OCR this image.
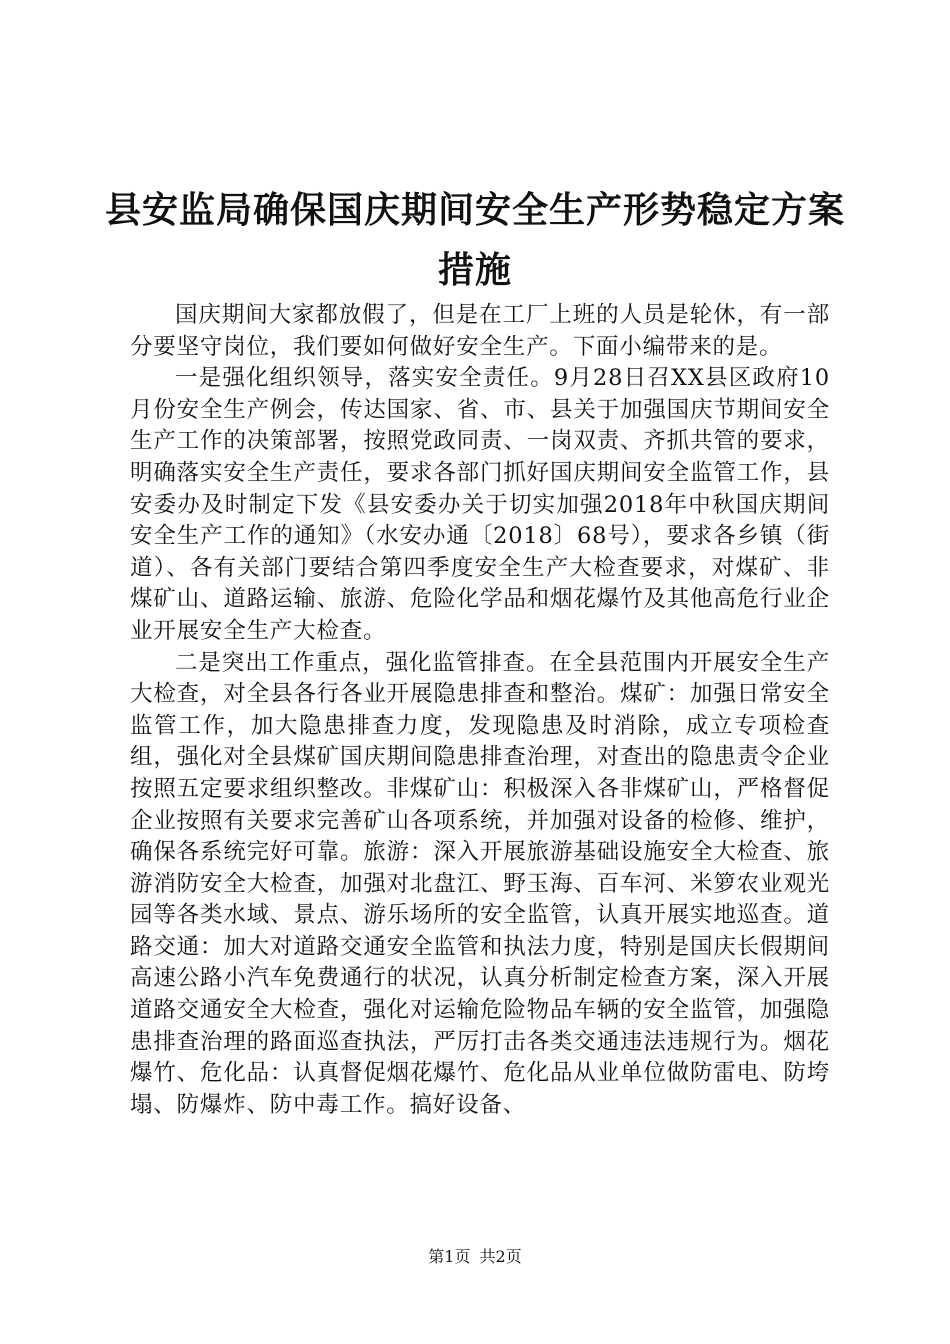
县安监局确保国庆期间安全生产形势稳定方案措施

国庆期间大家都放假了，但是在工厂上班的人员是轮休，有一部分要坚守岗位，我们要如何做好安全生产。下面小编带来的是。

一是强化组织领导，落实安全责任。9月28日召XX县区政府10月份安全生产例会，传达国家、省、市、县关于加强国庆节期间安全生产工作的决策部署，按照党政同责、一岗双责、齐抓共管的要求，明确落实安全生产责任，要求各部门抓好国庆期间安全监管工作，县安委办及时制定下发《县安委办关于切实加强2018年中秋国庆期间安全生产工作的通知》（水安办通〔2018〕68号），要求各乡镇（街道）、各有关部门要结合第四季度安全生产大检查要求，对煤矿、非煤矿山、道路运输、旅游、危险化学品和烟花爆竹及其他高危行业企业开展安全生产大检查。

二是突出工作重点，强化监管排查。在全县范围内开展安全生产大检查，对全县各行各业开展隐患排查和整治。煤矿：加强日常安全监管工作，加大隐患排查力度，发现隐患及时消除，成立专项检查组，强化对全县煤矿国庆期间隐患排查治理，对查出的隐患责令企业按照五定要求组织整改。非煤矿山：积极深入各非煤矿山，严格督促企业按照有关要求完善矿山各项系统，并加强对设备的检修、维护，确保各系统完好可靠。旅游：深入开展旅游基础设施安全大检查、旅游消防安全大检查，加强对北盘江、野玉海、百车河、米箩农业观光园等各类水域、景点、游乐场所的安全监管，认真开展实地巡查。道路交通：加大对道路交通安全监管和执法力度，特别是国庆长假期间高速公路小汽车免费通行的状况，认真分析制定检查方案，深入开展道路交通安全大检查，强化对运输危险物品车辆的安全监管，加强隐患排查治理的路面巡查执法，严厉打击各类交通违法违规行为。烟花爆竹、危化品：认真督促烟花爆竹、危化品从业单位做防雷电、防垮塌、防爆炸、防中毒工作。搞好设备、

第1页 共2页
